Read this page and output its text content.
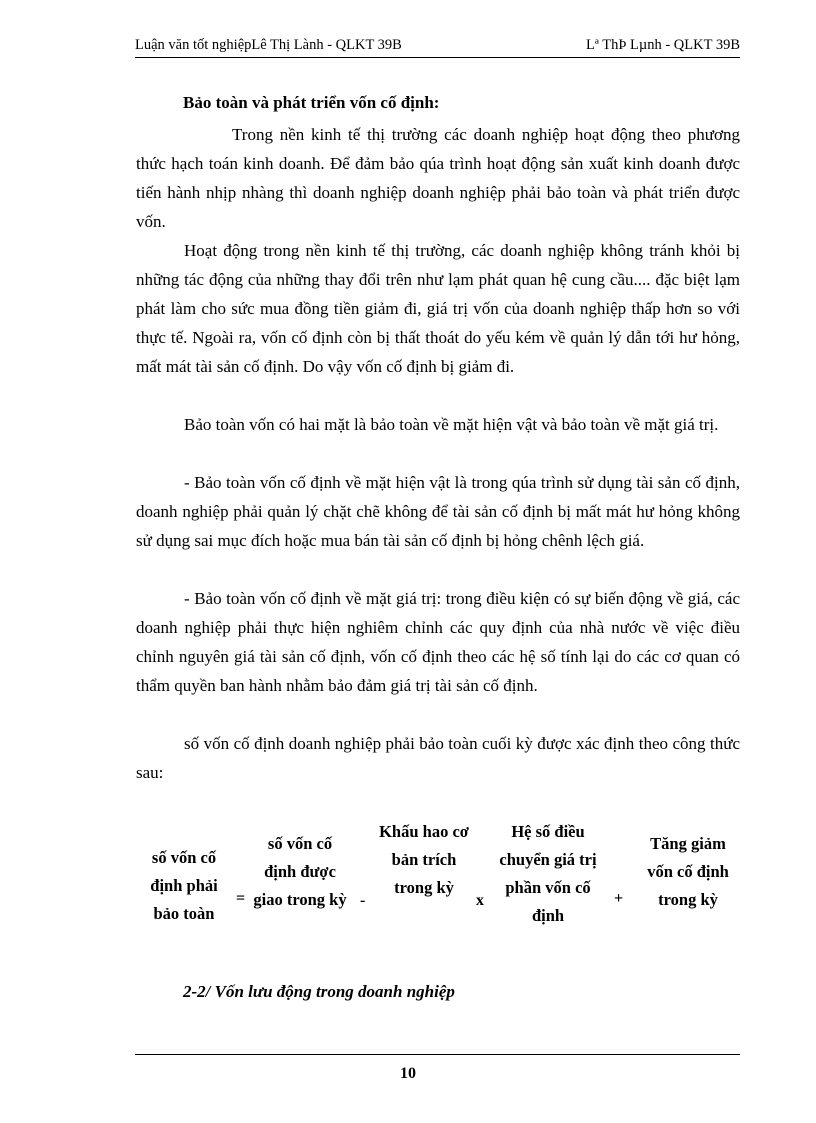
Luận văn tốt nghiệpLê Thị Lành - QLKT 39B	Lª ThÞ Lµnh - QLKT 39B
Bảo toàn và phát triển vốn cố định:
Trong nền kinh tế thị trường các doanh nghiệp hoạt động theo phương thức hạch toán kinh doanh. Để đảm bảo qúa trình hoạt động sản xuất kinh doanh được tiến hành nhịp nhàng thì doanh nghiệp doanh nghiệp phải bảo toàn và phát triển được vốn.
Hoạt động trong nền kinh tế thị trường, các doanh nghiệp không tránh khỏi bị những tác động của những thay đổi trên như lạm phát quan hệ cung cầu.... đặc biệt lạm phát làm cho sức mua đồng tiền giảm đi, giá trị vốn của doanh nghiệp thấp hơn so với thực tế. Ngoài ra, vốn cố định còn bị thất thoát do yếu kém về quản lý dẫn tới hư hỏng, mất mát tài sản cố định. Do vậy vốn cố định bị giảm đi.
Bảo toàn vốn có hai mặt là bảo toàn về mặt hiện vật và bảo toàn về mặt giá trị.
- Bảo toàn vốn cố định về mặt hiện vật là trong qúa trình sử dụng tài sản cố định, doanh nghiệp phải quản lý chặt chẽ không để tài sản cố định bị mất mát hư hỏng không sử dụng sai mục đích hoặc mua bán tài sản cố định bị hỏng chênh lệch giá.
- Bảo toàn vốn cố định về mặt giá trị: trong điều kiện có sự biến động về giá, các doanh nghiệp phải thực hiện nghiêm chỉnh các quy định của nhà nước về việc điều chỉnh nguyên giá tài sản cố định, vốn cố định theo các hệ số tính lại do các cơ quan có thẩm quyền ban hành nhằm bảo đảm giá trị tài sản cố định.
số vốn cố định doanh nghiệp phải bảo toàn cuối kỳ được xác định theo công thức sau:
số vốn cố định phải bảo toàn
=
số vốn cố định được giao trong kỳ -
Khấu hao cơ bản trích trong kỳ
x
Hệ số điều chuyển giá trị phần vốn cố định
+
Tăng giảm vốn cố định trong kỳ
2-2/ Vốn lưu động trong doanh nghiệp
10
